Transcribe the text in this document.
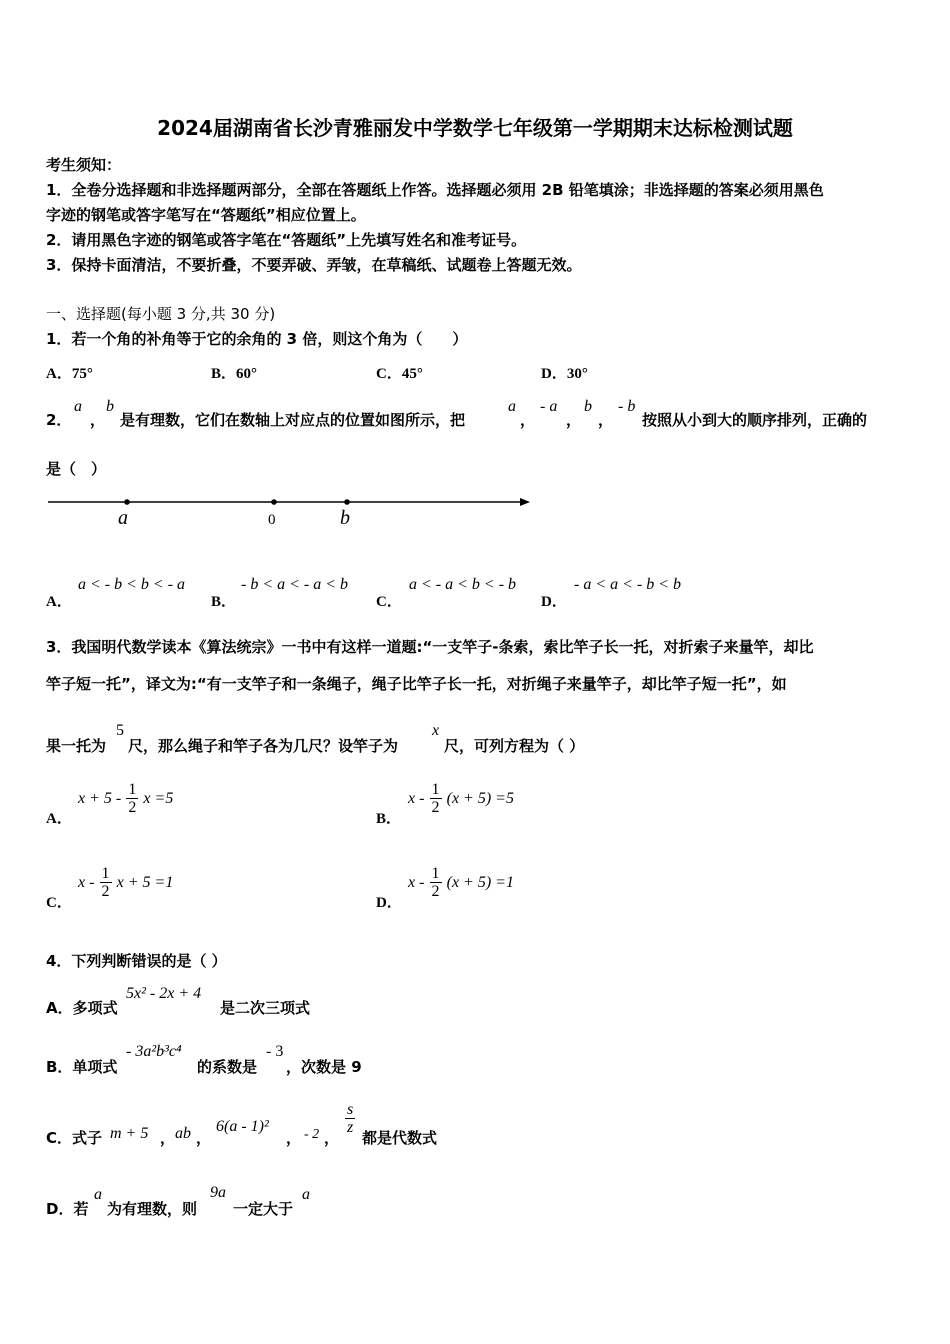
2024届湖南省长沙青雅丽发中学数学七年级第一学期期末达标检测试题
考生须知：
1．全卷分选择题和非选择题两部分，全部在答题纸上作答。选择题必须用 2B 铅笔填涂；非选择题的答案必须用黑色
字迹的钢笔或答字笔写在“答题纸”相应位置上。
2．请用黑色字迹的钢笔或答字笔在“答题纸”上先填写姓名和准考证号。
3．保持卡面清洁，不要折叠，不要弄破、弄皱，在草稿纸、试题卷上答题无效。
一、选择题(每小题 3 分,共 30 分)
1．若一个角的补角等于它的余角的 3 倍，则这个角为（　　）
A．75°	B．60°	C．45°	D．30°
2．
a
，
b
是有理数，它们在数轴上对应点的位置如图所示，把
a
，
- a
，
b
，
- b
按照从小到大的顺序排列，正确的
是（　）
a	0	b
A．
a < - b < b < - a
B．
- b < a < - a < b
C．
a < - a < b < - b
D．
- a < a < - b < b
3．我国明代数学读本《算法统宗》一书中有这样一道题:“一支竿子-条索，索比竿子长一托，对折索子来量竿，却比
竿子短一托”，译文为:“有一支竿子和一条绳子，绳子比竿子长一托，对折绳子来量竿子，却比竿子短一托”，如
果一托为
5
尺，那么绳子和竿子各为几尺？设竿子为
x
尺，可列方程为（ ）
A．
$x + 5 - \frac{1}{2}$ x =5
B．
$x - \frac{1}{2} (x + 5) =5$
C．
x - $\frac{1}{2}$ x + 5 =1
D．
$x - \frac{1}{2} (x + 5) =1$
4．下列判断错误的是（ ）
A．多项式
5x² - 2x + 4
是二次三项式
B．单项式
- 3a²b³c⁴
的系数是
- 3
，次数是 9
C．式子 m + 5 ， ab ，
6(a - 1)²
， - 2 ，
$\frac{s}{z}$
都是代数式
D．若
a
为有理数，则
9a
一定大于
a
